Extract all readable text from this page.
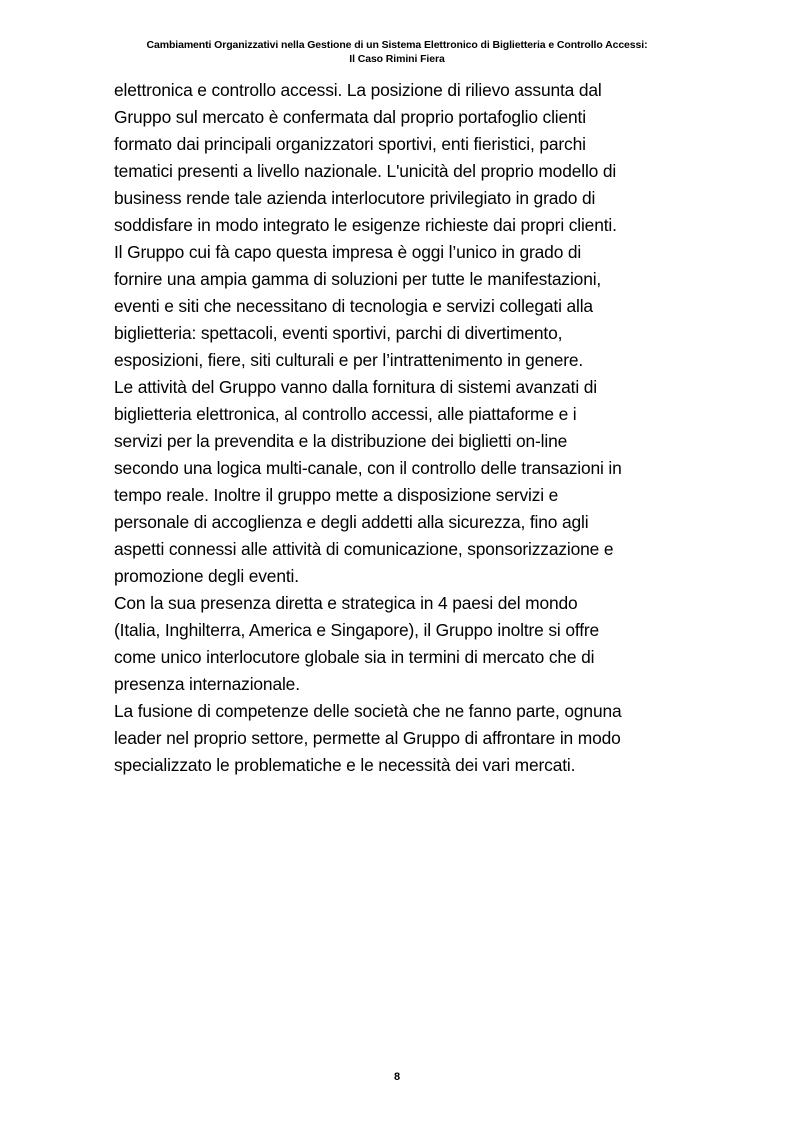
Cambiamenti Organizzativi nella Gestione di un Sistema Elettronico di Biglietteria e Controllo Accessi:
Il Caso Rimini Fiera
elettronica e controllo accessi. La posizione di rilievo assunta dal
Gruppo sul mercato è confermata dal proprio portafoglio clienti
formato dai principali organizzatori sportivi, enti fieristici, parchi
tematici presenti a livello nazionale. L'unicità del proprio modello di
business rende tale azienda interlocutore privilegiato in grado di
soddisfare in modo integrato le esigenze richieste dai propri clienti.
Il Gruppo cui fà capo questa impresa è oggi l’unico in grado di
fornire una ampia gamma di soluzioni per tutte le manifestazioni,
eventi e siti che necessitano di tecnologia e servizi collegati alla
biglietteria: spettacoli, eventi sportivi, parchi di divertimento,
esposizioni, fiere, siti culturali e per l’intrattenimento in genere.
Le attività del Gruppo vanno dalla fornitura di sistemi avanzati di
biglietteria elettronica, al controllo accessi, alle piattaforme e i
servizi per la prevendita e la distribuzione dei biglietti on-line
secondo una logica multi-canale, con il controllo delle transazioni in
tempo reale. Inoltre il gruppo mette a disposizione servizi e
personale di accoglienza e degli addetti alla sicurezza, fino agli
aspetti connessi alle attività di comunicazione, sponsorizzazione e
promozione degli eventi.
Con la sua presenza diretta e strategica in 4 paesi del mondo
(Italia, Inghilterra, America e Singapore), il Gruppo inoltre si offre
come unico interlocutore globale sia in termini di mercato che di
presenza internazionale.
La fusione di competenze delle società che ne fanno parte, ognuna
leader nel proprio settore, permette al Gruppo di affrontare in modo
specializzato le problematiche e le necessità dei vari mercati.
8
